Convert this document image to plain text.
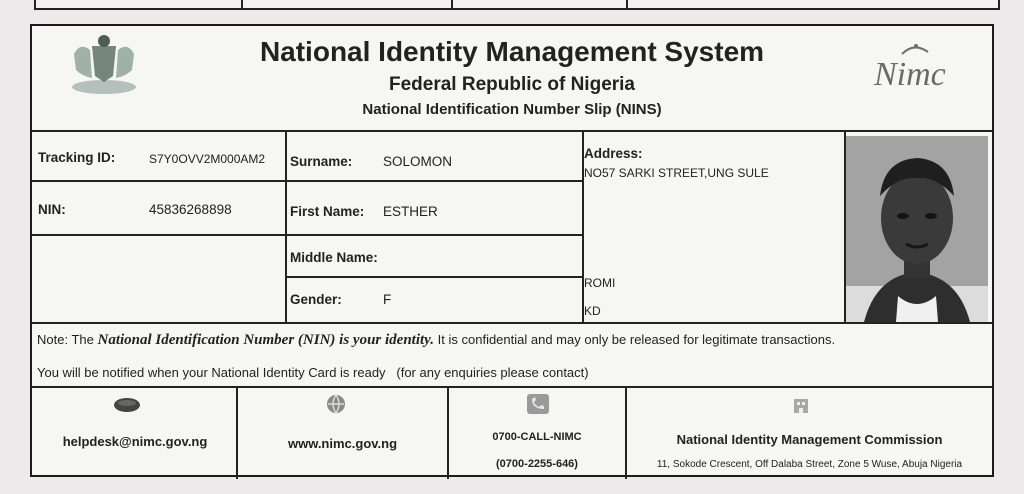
National Identity Management System
Federal Republic of Nigeria
National Identification Number Slip (NINS)
Nimc
Tracking ID:	S7Y0OVV2M000AM2
NIN:	45836268898
Surname: SOLOMON
First Name: ESTHER
Middle Name:
Gender:	F
Address:
NO57 SARKI STREET,UNG SULE
ROMI
KD
Note: The National Identification Number (NIN) is your identity. It is confidential and may only be released for legitimate transactions.
You will be notified when your National Identity Card is ready   (for any enquiries please contact)
helpdesk@nimc.gov.ng	www.nimc.gov.ng	0700-CALL-NIMC
(0700-2255-646)
National Identity Management Commission
11, Sokode Crescent, Off Dalaba Street, Zone 5 Wuse, Abuja Nigeria
